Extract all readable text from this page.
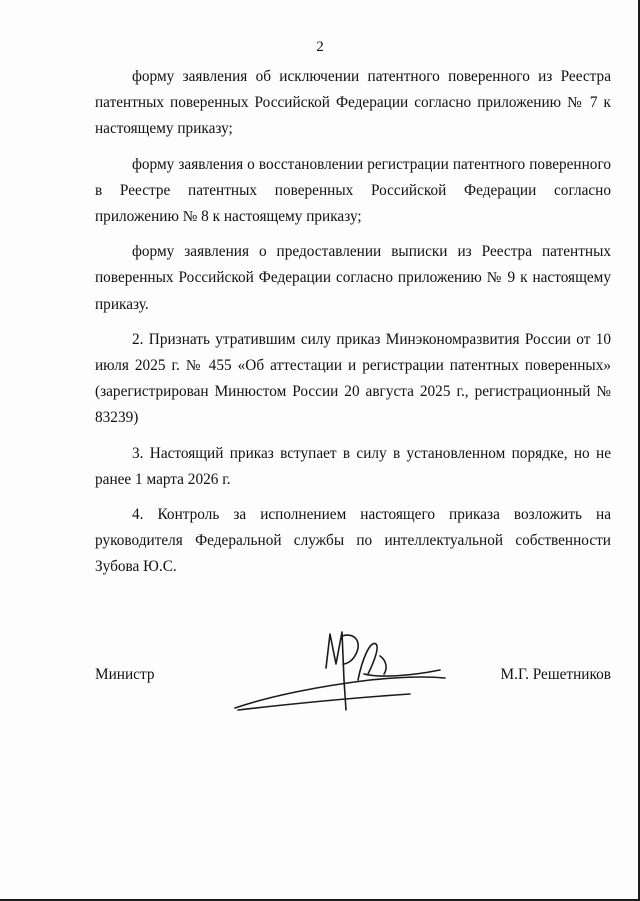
2

форму заявления об исключении патентного поверенного из Реестра патентных поверенных Российской Федерации согласно приложению № 7 к настоящему приказу;

форму заявления о восстановлении регистрации патентного поверенного в Реестре патентных поверенных Российской Федерации согласно приложению № 8 к настоящему приказу;

форму заявления о предоставлении выписки из Реестра патентных поверенных Российской Федерации согласно приложению № 9 к настоящему приказу.

2. Признать утратившим силу приказ Минэкономразвития России от 10 июля 2025 г. № 455 «Об аттестации и регистрации патентных поверенных» (зарегистрирован Минюстом России 20 августа 2025 г., регистрационный № 83239)

3. Настоящий приказ вступает в силу в установленном порядке, но не ранее 1 марта 2026 г.

4. Контроль за исполнением настоящего приказа возложить на руководителя Федеральной службы по интеллектуальной собственности Зубова Ю.С.

Министр	М.Г. Решетников
